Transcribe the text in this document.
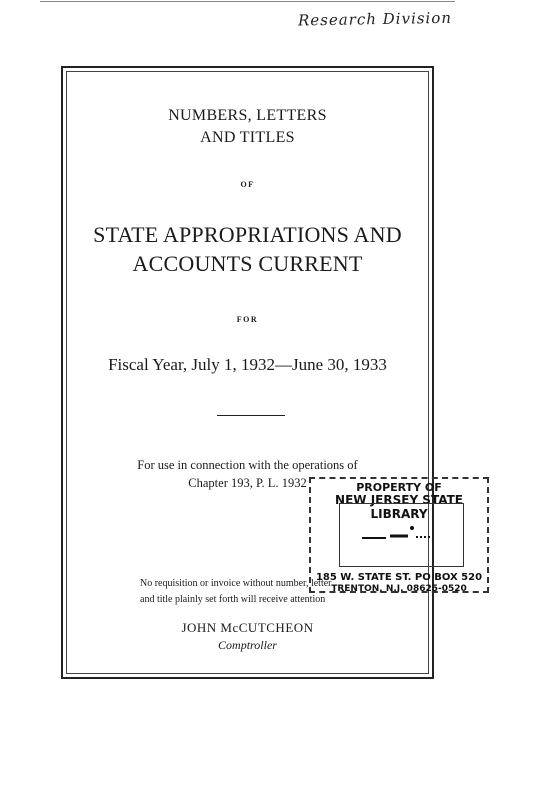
Research Division
NUMBERS, LETTERS
AND TITLES
OF
STATE APPROPRIATIONS AND
ACCOUNTS CURRENT
FOR
Fiscal Year, July 1, 1932—June 30, 1933
For use in connection with the operations of
Chapter 193, P. L. 1932
No requisition or invoice without number, letter
and title plainly set forth will receive attention
JOHN McCUTCHEON
Comptroller
PROPERTY OF
NEW JERSEY STATE LIBRARY
185 W. STATE ST. PO BOX 520
TRENTON, N.J. 08625-0520
